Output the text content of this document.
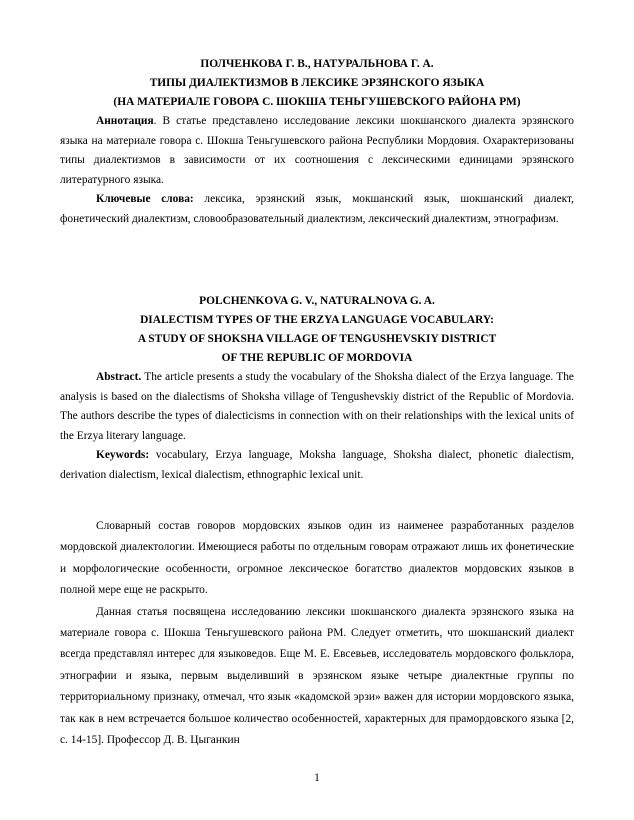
ПОЛЧЕНКОВА Г. В., НАТУРАЛЬНОВА Г. А.

ТИПЫ ДИАЛЕКТИЗМОВ В ЛЕКСИКЕ ЭРЗЯНСКОГО ЯЗЫКА

(НА МАТЕРИАЛЕ ГОВОРА С. ШОКША ТЕНЬГУШЕВСКОГО РАЙОНА РМ)

Аннотация. В статье представлено исследование лексики шокшанского диалекта эрзянского языка на материале говора с. Шокша Теньгушевского района Республики Мордовия. Охарактеризованы типы диалектизмов в зависимости от их соотношения с лексическими единицами эрзянского литературного языка.

Ключевые слова: лексика, эрзянский язык, мокшанский язык, шокшанский диалект, фонетический диалектизм, словообразовательный диалектизм, лексический диалектизм, этнографизм.

POLCHENKOVA G. V., NATURALNOVA G. A.

DIALECTISM TYPES OF THE ERZYA LANGUAGE VOCABULARY:

A STUDY OF SHOKSHA VILLAGE OF TENGUSHEVSKIY DISTRICT

OF THE REPUBLIC OF MORDOVIA

Abstract. The article presents a study the vocabulary of the Shoksha dialect of the Erzya language. The analysis is based on the dialectisms of Shoksha village of Tengushevskiy district of the Republic of Mordovia. The authors describe the types of dialecticisms in connection with on their relationships with the lexical units of the Erzya literary language.

Keywords: vocabulary, Erzya language, Moksha language, Shoksha dialect, phonetic dialectism, derivation dialectism, lexical dialectism, ethnographic lexical unit.

Словарный состав говоров мордовских языков один из наименее разработанных разделов мордовской диалектологии. Имеющиеся работы по отдельным говорам отражают лишь их фонетические и морфологические особенности, огромное лексическое богатство диалектов мордовских языков в полной мере еще не раскрыто.

Данная статья посвящена исследованию лексики шокшанского диалекта эрзянского языка на материале говора с. Шокша Теньгушевского района РМ. Следует отметить, что шокшанский диалект всегда представлял интерес для языковедов. Еще М. Е. Евсевьев, исследователь мордовского фольклора, этнографии и языка, первым выделивший в эрзянском языке четыре диалектные группы по территориальному признаку, отмечал, что язык «кадомской эрзи» важен для истории мордовского языка, так как в нем встречается большое количество особенностей, характерных для прамордовского языка [2, с. 14-15]. Профессор Д. В. Цыганкин

1
